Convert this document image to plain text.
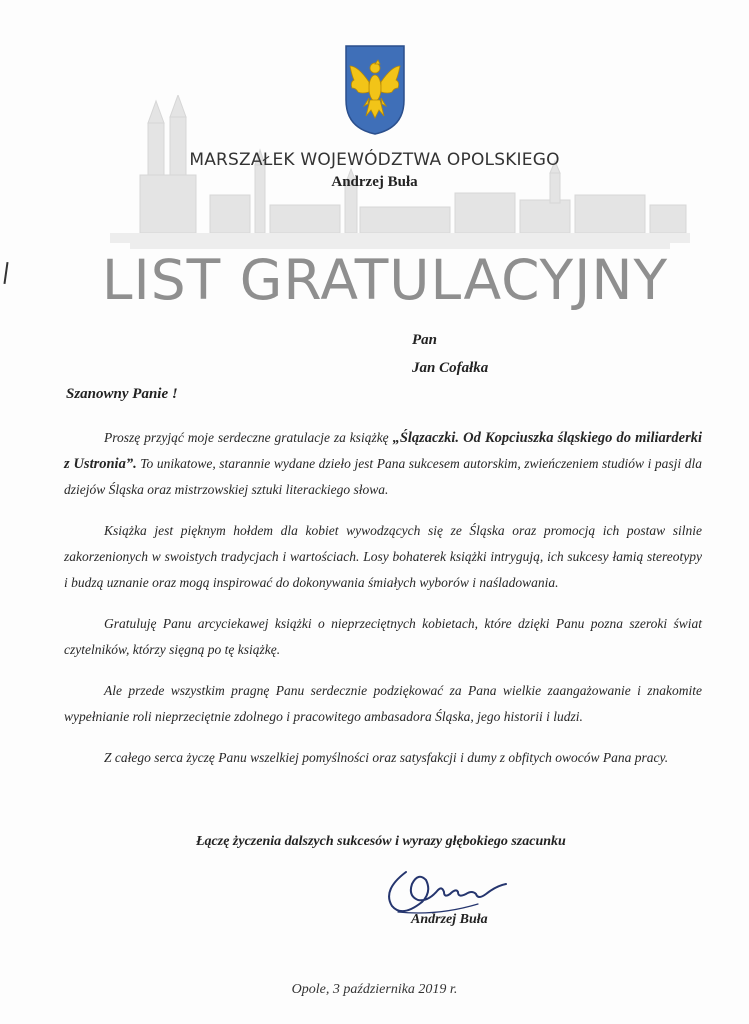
MARSZAŁEK WOJEWÓDZTWA OPOLSKIEGO
Andrzej Buła
LIST GRATULACYJNY
Pan
Jan Cofałka
Szanowny Panie !

Proszę przyjąć moje serdeczne gratulacje za książkę „Ślązaczki. Od Kopciuszka śląskiego do miliarderki z Ustronia”. To unikatowe, starannie wydane dzieło jest Pana sukcesem autorskim, zwieńczeniem studiów i pasji dla dziejów Śląska oraz mistrzowskiej sztuki literackiego słowa.

Książka jest pięknym hołdem dla kobiet wywodzących się ze Śląska oraz promocją ich postaw silnie zakorzenionych w swoistych tradycjach i wartościach. Losy bohaterek książki intrygują, ich sukcesy łamią stereotypy i budzą uznanie oraz mogą inspirować do dokonywania śmiałych wyborów i naśladowania.

Gratuluję Panu arcyciekawej książki o nieprzeciętnych kobietach, które dzięki Panu pozna szeroki świat czytelników, którzy sięgną po tę książkę.

Ale przede wszystkim pragnę Panu serdecznie podziękować za Pana wielkie zaangażowanie i znakomite wypełnianie roli nieprzeciętnie zdolnego i pracowitego ambasadora Śląska, jego historii i ludzi.

Z całego serca życzę Panu wszelkiej pomyślności oraz satysfakcji i dumy z obfitych owoców Pana pracy.

Łączę życzenia dalszych sukcesów i wyrazy głębokiego szacunku
Andrzej Buła
Opole, 3 października 2019 r.
